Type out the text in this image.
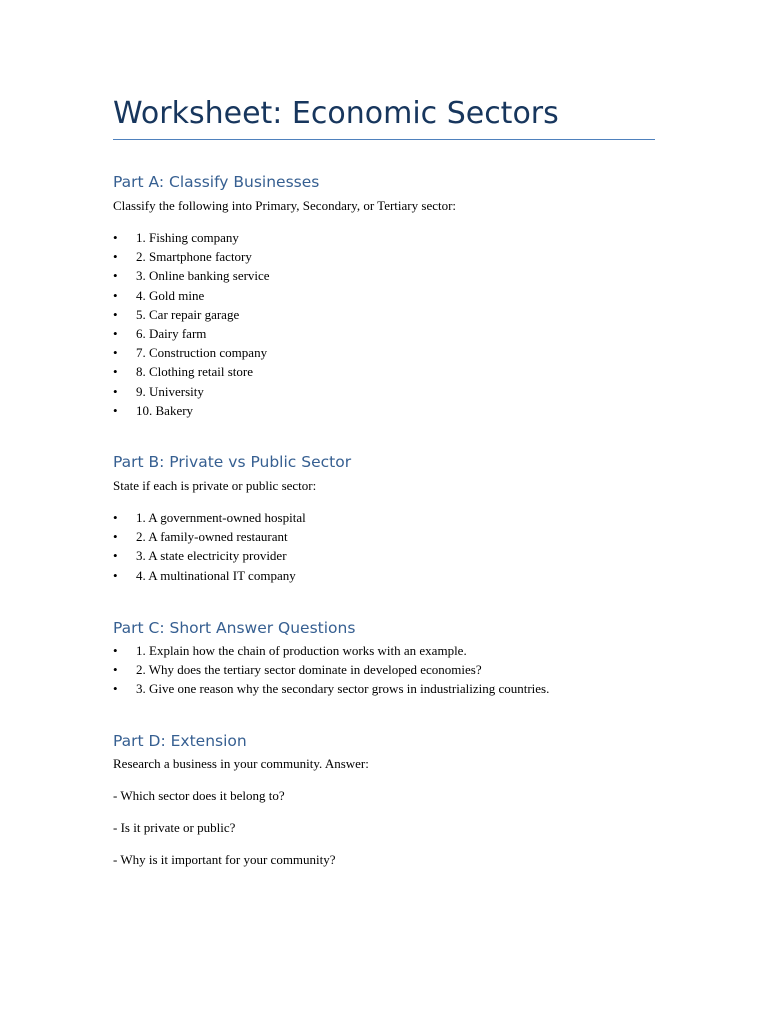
Worksheet: Economic Sectors
Part A: Classify Businesses

Classify the following into Primary, Secondary, or Tertiary sector:

• 1. Fishing company
• 2. Smartphone factory
• 3. Online banking service
• 4. Gold mine
• 5. Car repair garage
• 6. Dairy farm
• 7. Construction company
• 8. Clothing retail store
• 9. University
• 10. Bakery
Part B: Private vs Public Sector

State if each is private or public sector:

• 1. A government-owned hospital
• 2. A family-owned restaurant
• 3. A state electricity provider
• 4. A multinational IT company
Part C: Short Answer Questions
• 1. Explain how the chain of production works with an example.
• 2. Why does the tertiary sector dominate in developed economies?
• 3. Give one reason why the secondary sector grows in industrializing countries.
Part D: Extension

Research a business in your community. Answer:

- Which sector does it belong to?

- Is it private or public?

- Why is it important for your community?
